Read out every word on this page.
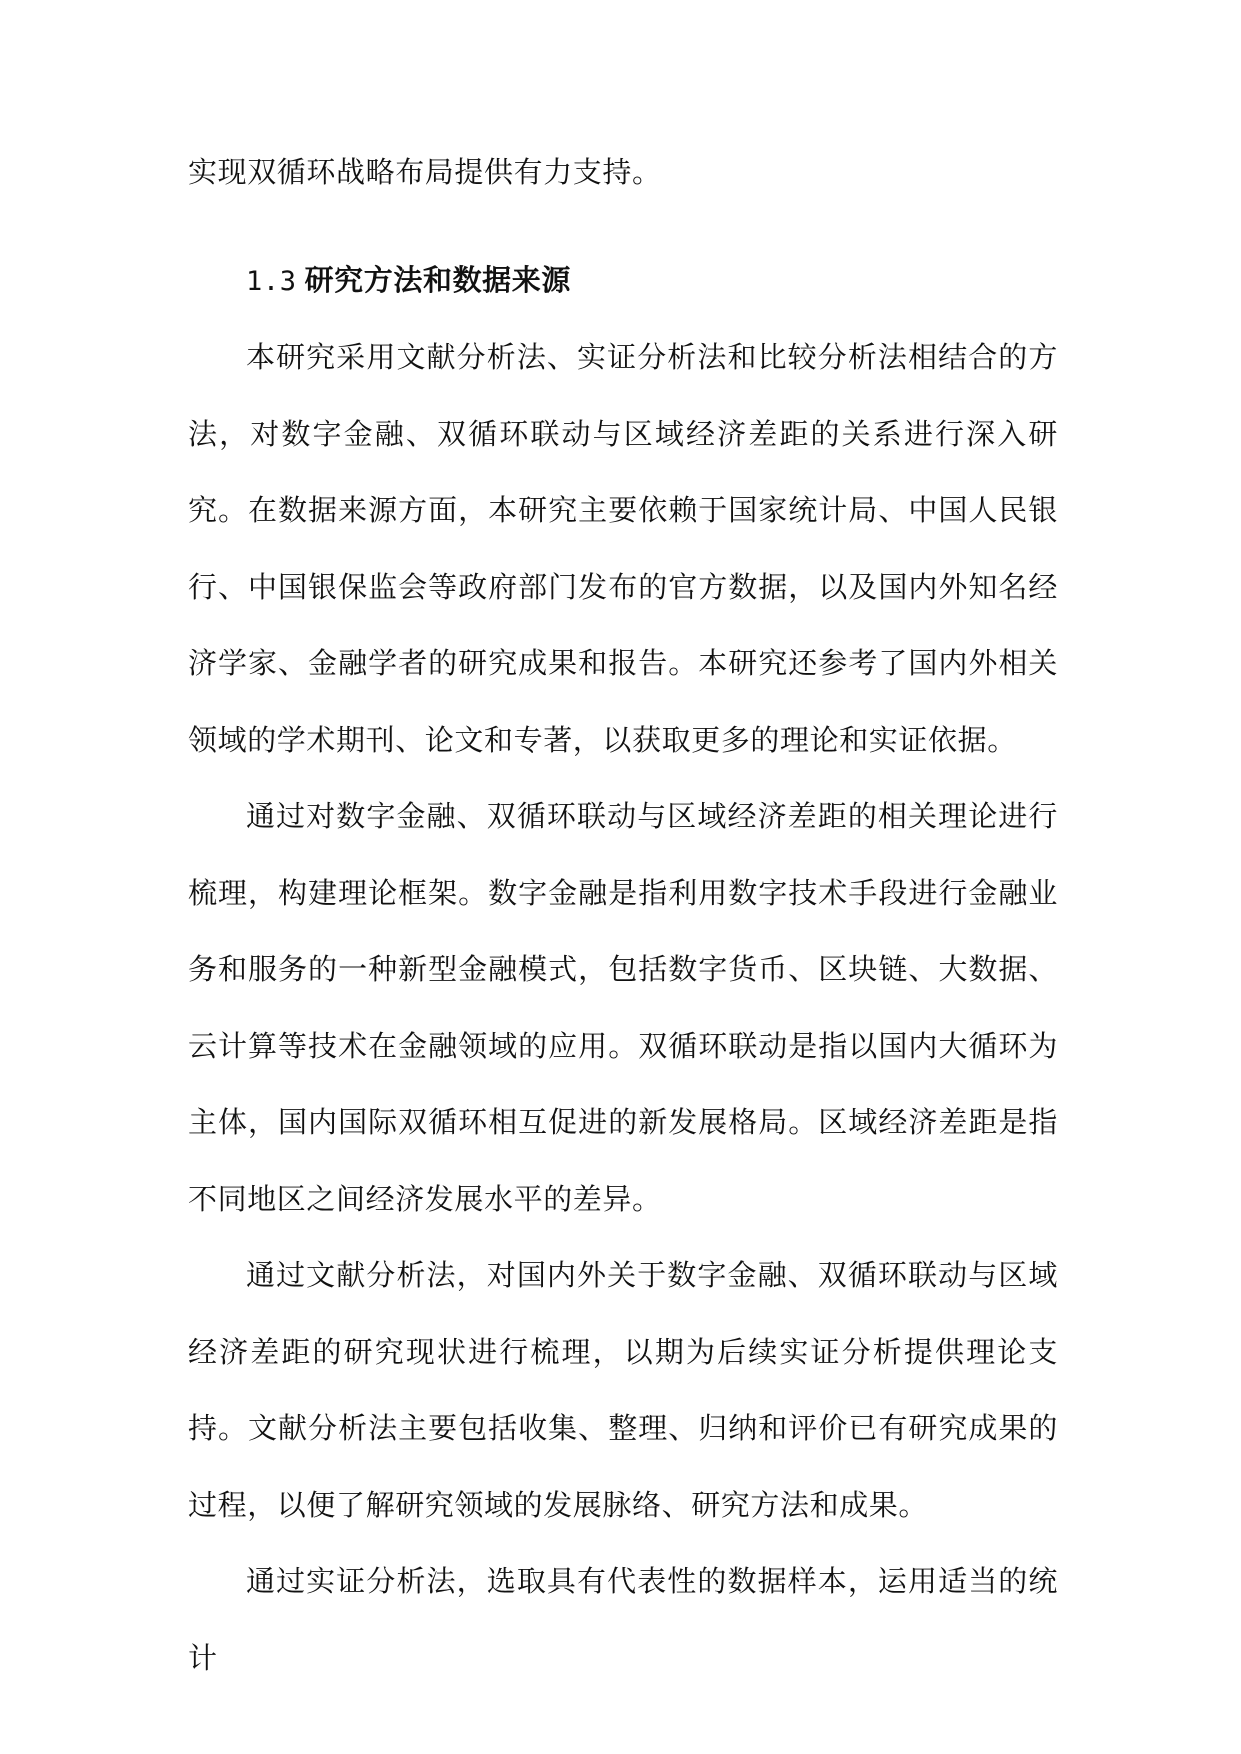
实现双循环战略布局提供有力支持。

1.3 研究方法和数据来源

本研究采用文献分析法、实证分析法和比较分析法相结合的方法，对数字金融、双循环联动与区域经济差距的关系进行深入研究。在数据来源方面，本研究主要依赖于国家统计局、中国人民银行、中国银保监会等政府部门发布的官方数据，以及国内外知名经济学家、金融学者的研究成果和报告。本研究还参考了国内外相关领域的学术期刊、论文和专著，以获取更多的理论和实证依据。

通过对数字金融、双循环联动与区域经济差距的相关理论进行梳理，构建理论框架。数字金融是指利用数字技术手段进行金融业务和服务的一种新型金融模式，包括数字货币、区块链、大数据、云计算等技术在金融领域的应用。双循环联动是指以国内大循环为主体，国内国际双循环相互促进的新发展格局。区域经济差距是指不同地区之间经济发展水平的差异。

通过文献分析法，对国内外关于数字金融、双循环联动与区域经济差距的研究现状进行梳理，以期为后续实证分析提供理论支持。文献分析法主要包括收集、整理、归纳和评价已有研究成果的过程，以便了解研究领域的发展脉络、研究方法和成果。

通过实证分析法，选取具有代表性的数据样本，运用适当的统计
